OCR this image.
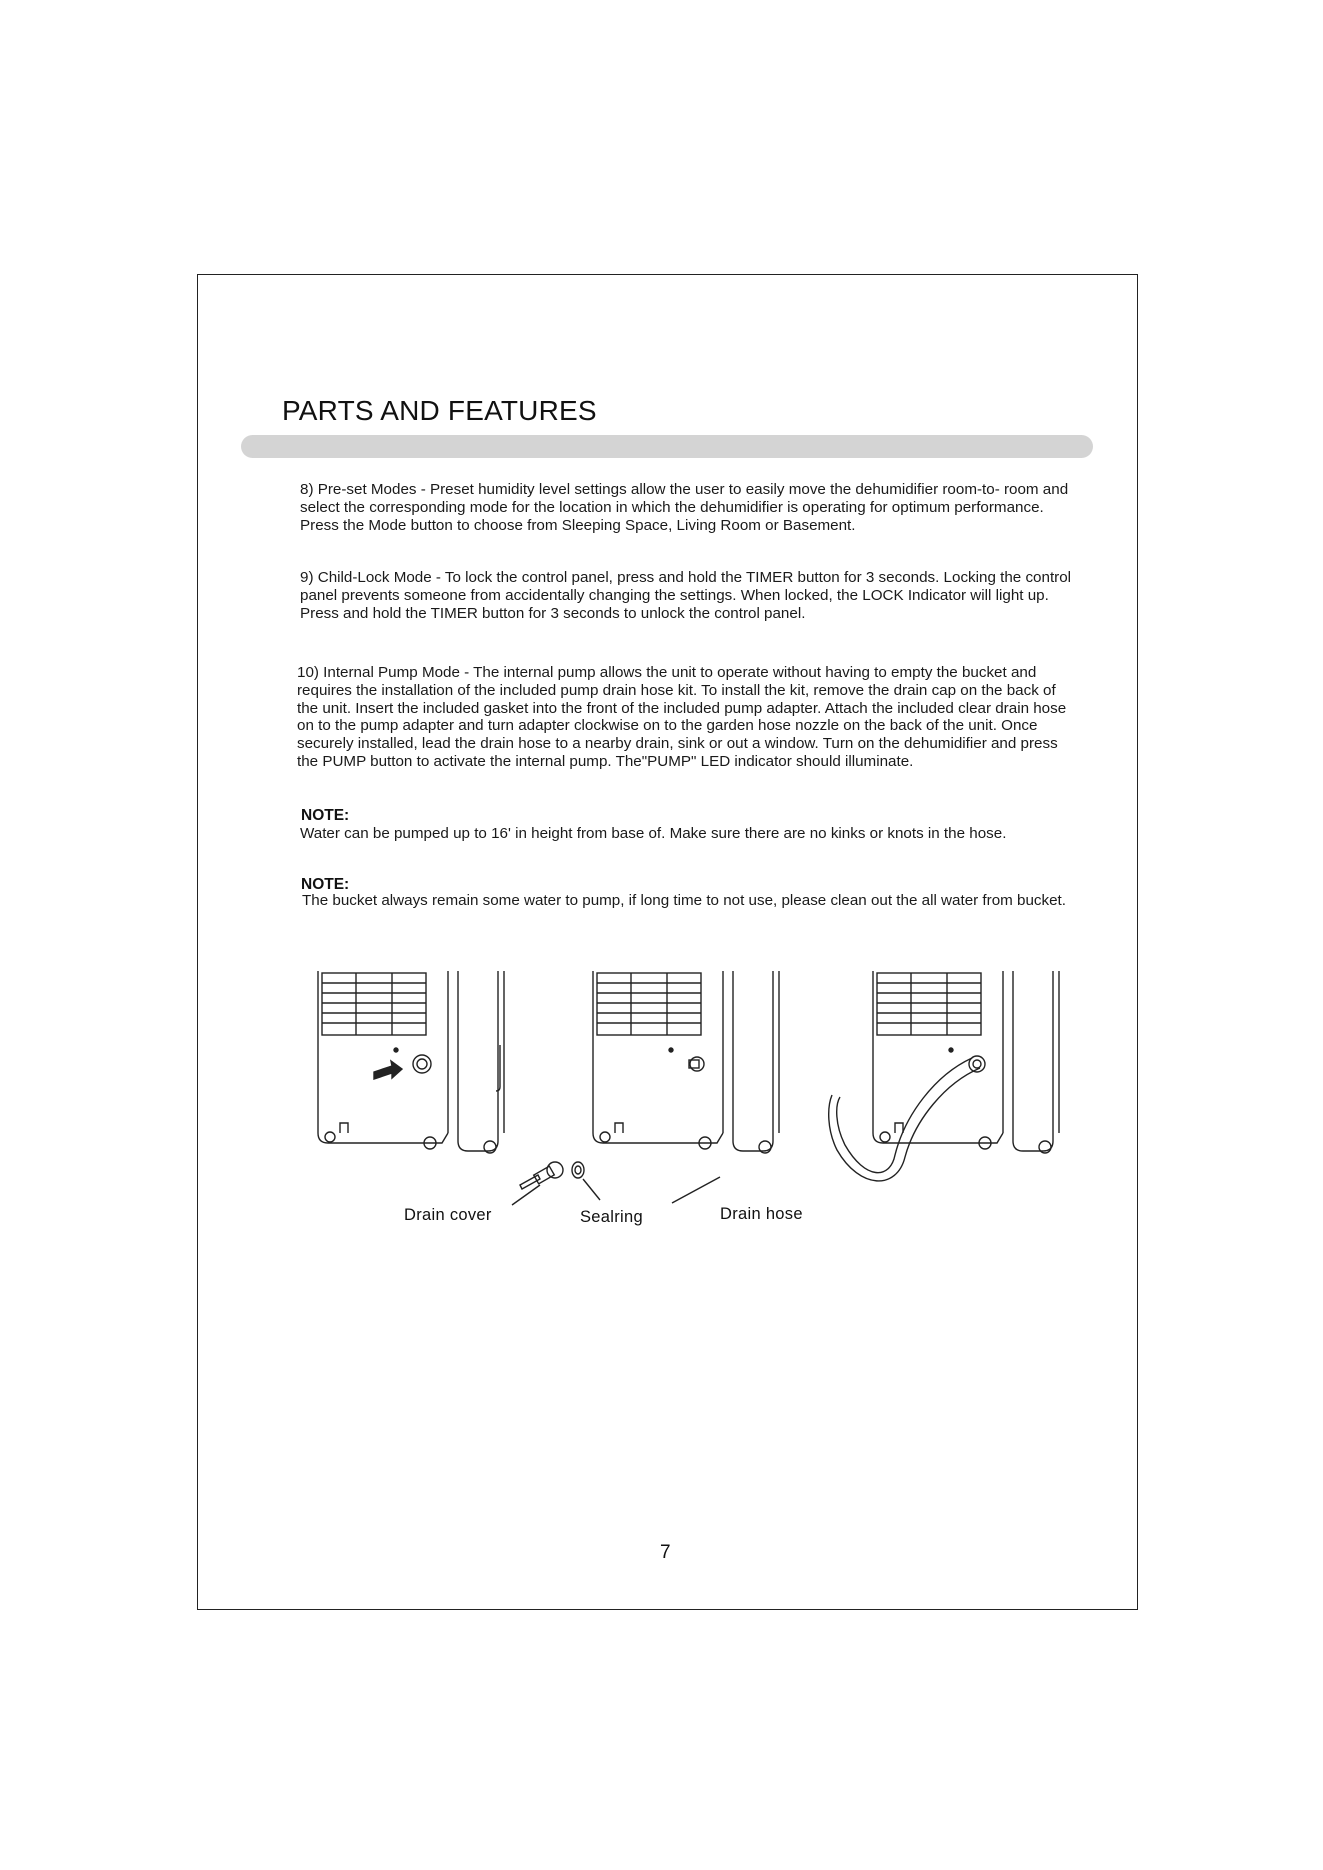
PARTS AND FEATURES
8) Pre-set Modes - Preset humidity level settings allow the user to easily move the dehumidifier room-to- room and select the corresponding mode for the location in which the dehumidifier is operating for optimum performance. Press the Mode button to choose from Sleeping Space, Living Room or Basement.
9) Child-Lock Mode - To lock the control panel, press and hold the TIMER button for 3 seconds. Locking the control panel prevents someone from accidentally changing the settings. When locked, the LOCK Indicator will light up. Press and hold the TIMER button for 3 seconds to unlock the control panel.
10) Internal Pump Mode - The internal pump allows the unit to operate without having to empty the bucket and requires the installation of the included pump drain hose kit. To install the kit, remove the drain cap on the back of the unit. Insert the included gasket into the front of the included pump adapter. Attach the included clear drain hose on to the pump adapter and turn adapter clockwise on to the garden hose nozzle on the back of the unit. Once securely installed, lead the drain hose to a nearby drain, sink or out a window. Turn on the dehumidifier and press the PUMP button to activate the internal pump. The"PUMP" LED indicator should illuminate.
NOTE:
Water can be pumped up to 16' in height from base of. Make sure there are no kinks or knots in the hose.
NOTE:
The bucket always remain some water to pump, if long time to not use, please clean out the all water from bucket.
Drain cover	Sealring	Drain hose
7
